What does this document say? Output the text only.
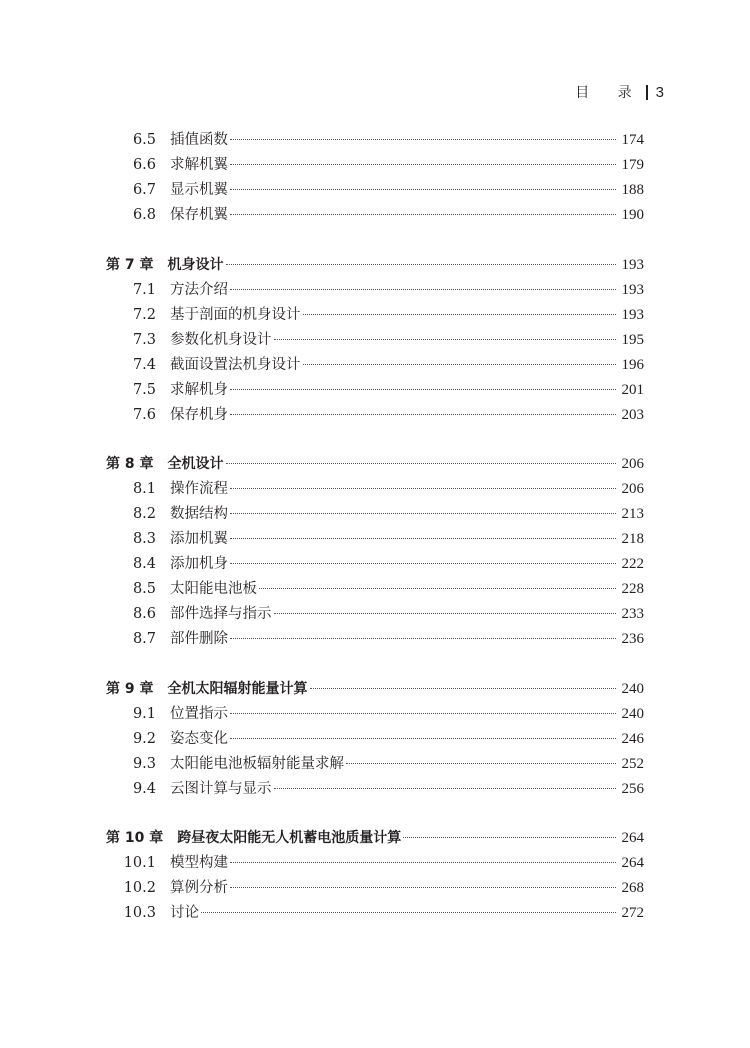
目 录 3
6.5 插值函数	174
6.6 求解机翼	179
6.7 显示机翼	188
6.8 保存机翼	190
第 7 章	机身设计	193
7.1 方法介绍	193
7.2 基于剖面的机身设计	193
7.3 参数化机身设计	195
7.4 截面设置法机身设计	196
7.5 求解机身	201
7.6 保存机身	203
第 8 章	全机设计	206
8.1 操作流程	206
8.2 数据结构	213
8.3 添加机翼	218
8.4 添加机身	222
8.5 太阳能电池板	228
8.6 部件选择与指示	233
8.7 部件删除	236
第 9 章	全机太阳辐射能量计算	240
9.1 位置指示	240
9.2 姿态变化	246
9.3 太阳能电池板辐射能量求解	252
9.4 云图计算与显示	256
第 10 章	跨昼夜太阳能无人机蓄电池质量计算	264
10.1 模型构建	264
10.2 算例分析	268
10.3 讨论	272
